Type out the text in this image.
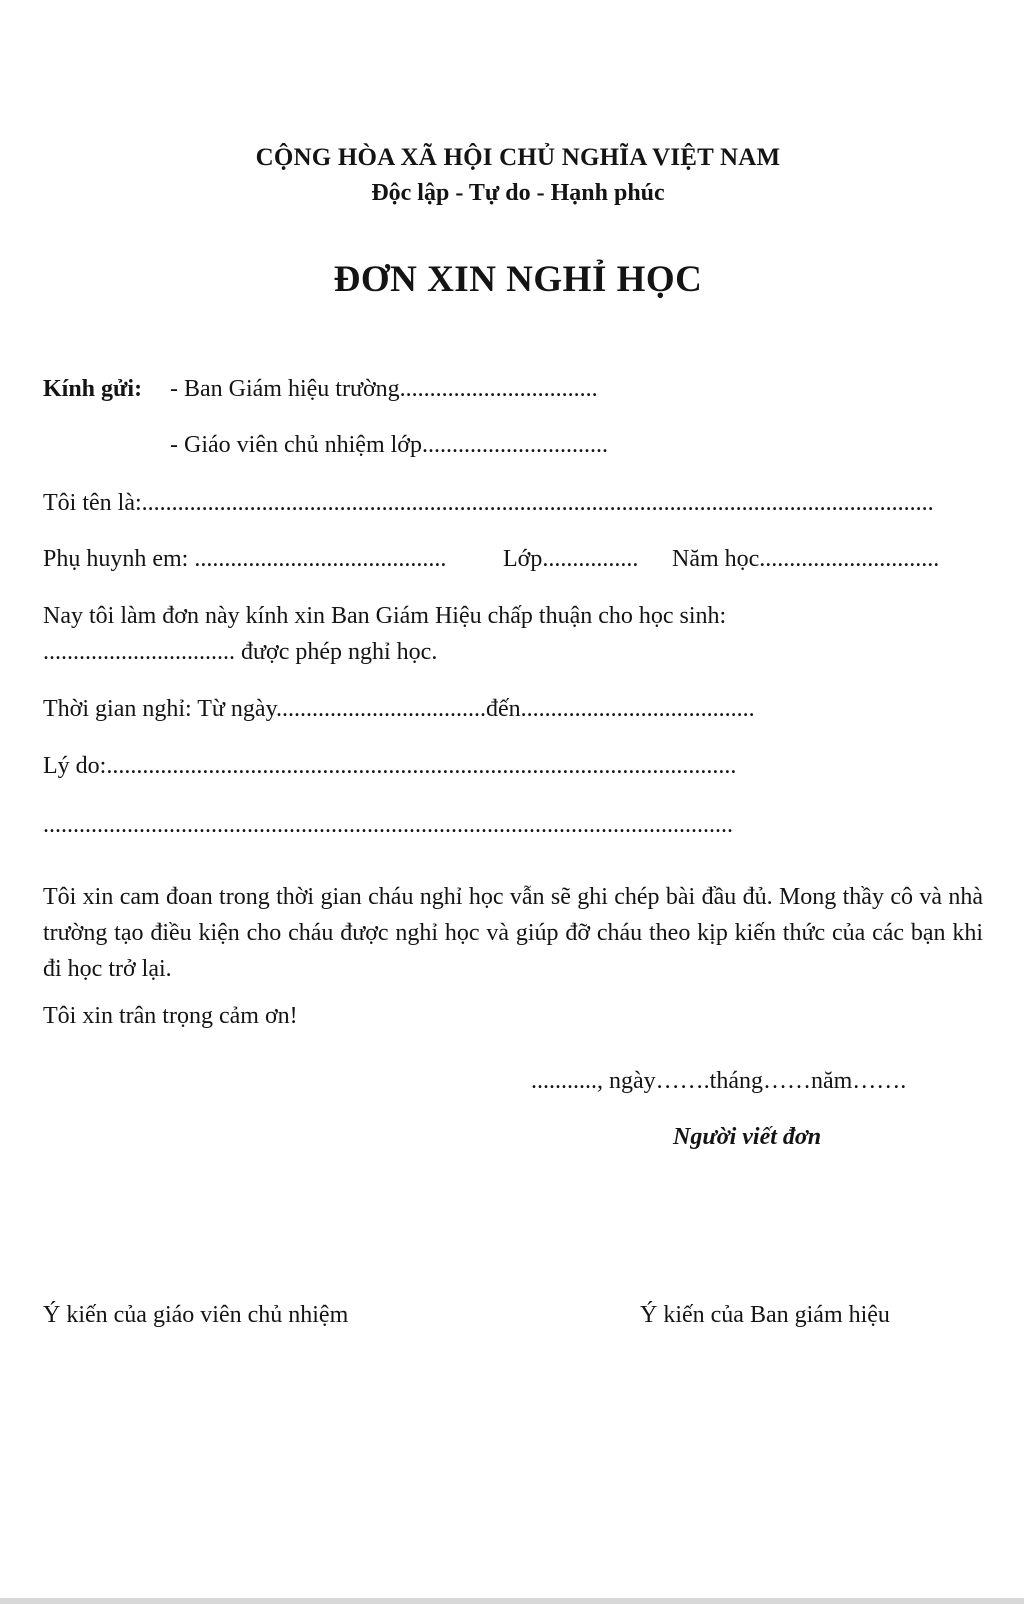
CỘNG HÒA XÃ HỘI CHỦ NGHĨA VIỆT NAM

Độc lập - Tự do - Hạnh phúc

ĐƠN XIN NGHỈ HỌC

Kính gửi: - Ban Giám hiệu trường.................................

- Giáo viên chủ nhiệm lớp...............................

Tôi tên là:....................................................................................................................................

Phụ huynh em: .......................................... Lớp................ Năm học..............................

Nay tôi làm đơn này kính xin Ban Giám Hiệu chấp thuận cho học sinh:

................................ được phép nghỉ học.

Thời gian nghỉ: Từ ngày...................................đến.......................................

Lý do:.........................................................................................................

...................................................................................................................

Tôi xin cam đoan trong thời gian cháu nghỉ học vẫn sẽ ghi chép bài đầu đủ. Mong thầy cô và nhà trường tạo điều kiện cho cháu được nghỉ học và giúp đỡ cháu theo kịp kiến thức của các bạn khi đi học trở lại.

Tôi xin trân trọng cảm ơn!

..........., ngày…….tháng……năm…….

Người viết đơn

Ý kiến của giáo viên chủ nhiệm	Ý kiến của Ban giám hiệu
